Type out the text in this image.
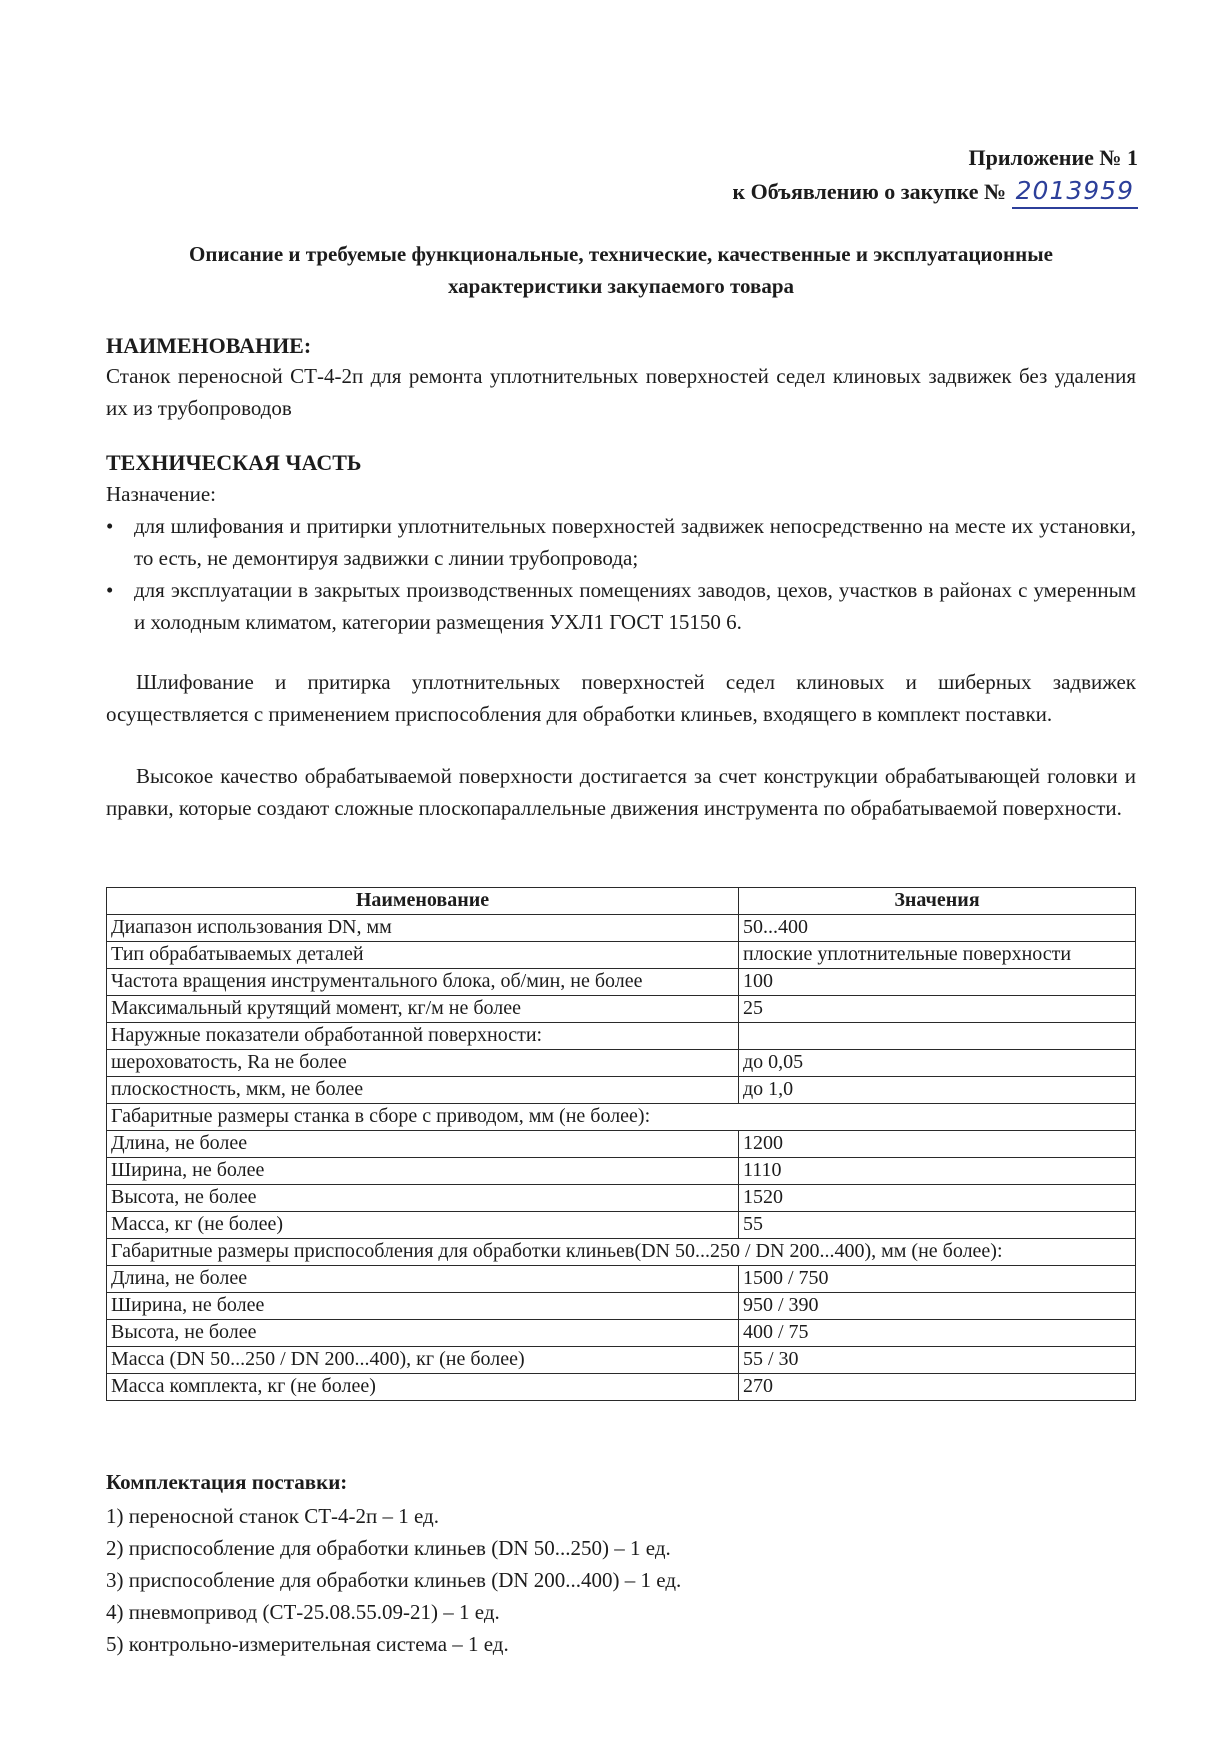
Приложение № 1
к Объявлению о закупке № 2013959
Описание и требуемые функциональные, технические, качественные и эксплуатационные
характеристики закупаемого товара
НАИМЕНОВАНИЕ:
Станок переносной СТ-4-2п для ремонта уплотнительных поверхностей седел клиновых задвижек без удаления их из трубопроводов
ТЕХНИЧЕСКАЯ ЧАСТЬ
Назначение:
• для шлифования и притирки уплотнительных поверхностей задвижек непосредственно на месте их установки, то есть, не демонтируя задвижки с линии трубопровода;
• для эксплуатации в закрытых производственных помещениях заводов, цехов, участков в районах с умеренным и холодным климатом, категории размещения УХЛ1 ГОСТ 15150 6.
Шлифование и притирка уплотнительных поверхностей седел клиновых и шиберных задвижек осуществляется с применением приспособления для обработки клиньев, входящего в комплект поставки.
Высокое качество обрабатываемой поверхности достигается за счет конструкции обрабатывающей головки и правки, которые создают сложные плоскопараллельные движения инструмента по обрабатываемой поверхности.
Наименование	Значения
Диапазон использования DN, мм	50...400
Тип обрабатываемых деталей	плоские уплотнительные поверхности
Частота вращения инструментального блока, об/мин, не более	100
Максимальный крутящий момент, кг/м не более	25
Наружные показатели обработанной поверхности:	
шероховатость, Ra не более	до 0,05
плоскостность, мкм, не более	до 1,0
Габаритные размеры станка в сборе с приводом, мм (не более):	
Длина, не более	1200
Ширина, не более	1110
Высота, не более	1520
Масса, кг (не более)	55
Габаритные размеры приспособления для обработки клиньев(DN 50...250 / DN 200...400), мм (не более):	
Длина, не более	1500 / 750
Ширина, не более	950 / 390
Высота, не более	400 / 75
Масса (DN 50...250 / DN 200...400), кг (не более)	55 / 30
Масса комплекта, кг (не более)	270
Комплектация поставки:
1) переносной станок СТ-4-2п – 1 ед.
2) приспособление для обработки клиньев (DN 50...250) – 1 ед.
3) приспособление для обработки клиньев (DN 200...400) – 1 ед.
4) пневмопривод (СТ-25.08.55.09-21) – 1 ед.
5) контрольно-измерительная система – 1 ед.
